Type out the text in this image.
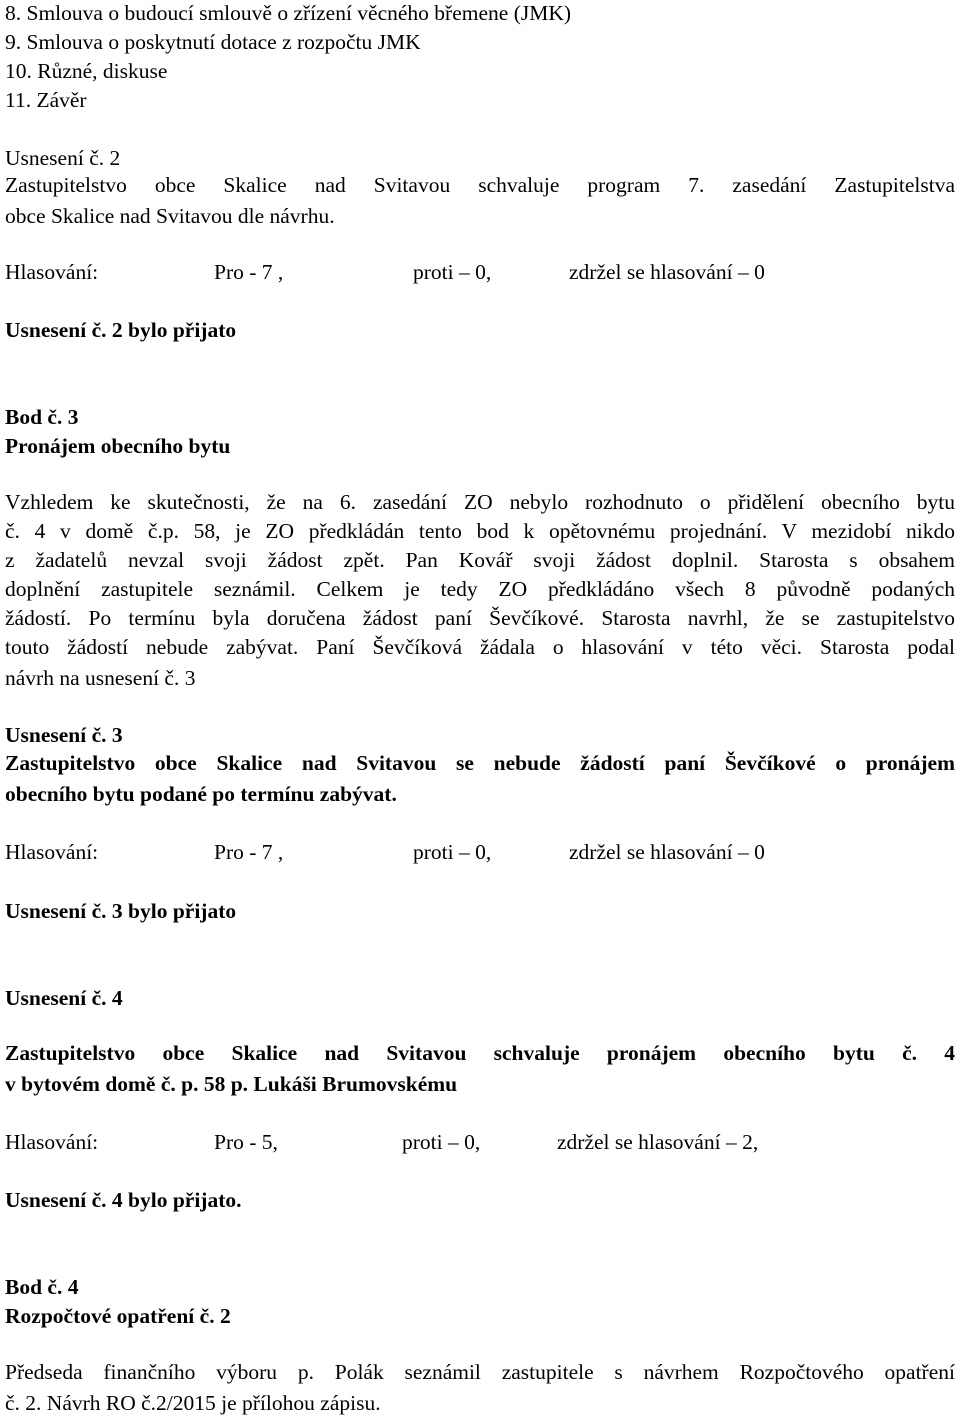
8. Smlouva o budoucí smlouvě o zřízení věcného břemene (JMK)
9. Smlouva o poskytnutí dotace z rozpočtu JMK
10. Různé, diskuse
11. Závěr
Usnesení č. 2
Zastupitelstvo obce Skalice nad Svitavou schvaluje program 7. zasedání Zastupitelstva
obce Skalice nad Svitavou dle návrhu.
Hlasování:	Pro - 7 ,	proti – 0,	zdržel se hlasování – 0
Usnesení č. 2 bylo přijato
Bod č. 3
Pronájem obecního bytu
Vzhledem ke skutečnosti, že na 6. zasedání ZO nebylo rozhodnuto o přidělení obecního bytu
č. 4 v domě č.p. 58, je ZO předkládán tento bod k opětovnému projednání. V mezidobí nikdo
z žadatelů nevzal svoji žádost zpět. Pan Kovář svoji žádost doplnil. Starosta s obsahem
doplnění zastupitele seznámil. Celkem je tedy ZO předkládáno všech 8 původně podaných
žádostí. Po termínu byla doručena žádost paní Ševčíkové. Starosta navrhl, že se zastupitelstvo
touto žádostí nebude zabývat. Paní Ševčíková žádala o hlasování v této věci. Starosta podal
návrh na usnesení č. 3
Usnesení č. 3
Zastupitelstvo obce Skalice nad Svitavou se nebude žádostí paní Ševčíkové o pronájem
obecního bytu podané po termínu zabývat.
Hlasování:	Pro - 7 ,	proti – 0,	zdržel se hlasování – 0
Usnesení č. 3 bylo přijato
Usnesení č. 4
Zastupitelstvo obce Skalice nad Svitavou schvaluje pronájem obecního bytu č. 4
v bytovém domě č. p. 58 p. Lukáši Brumovskému
Hlasování:	Pro - 5,	proti – 0,	zdržel se hlasování – 2,
Usnesení č. 4 bylo přijato.
Bod č. 4
Rozpočtové opatření č. 2
Předseda finančního výboru p. Polák seznámil zastupitele s návrhem Rozpočtového opatření
č. 2. Návrh RO č.2/2015 je přílohou zápisu.
